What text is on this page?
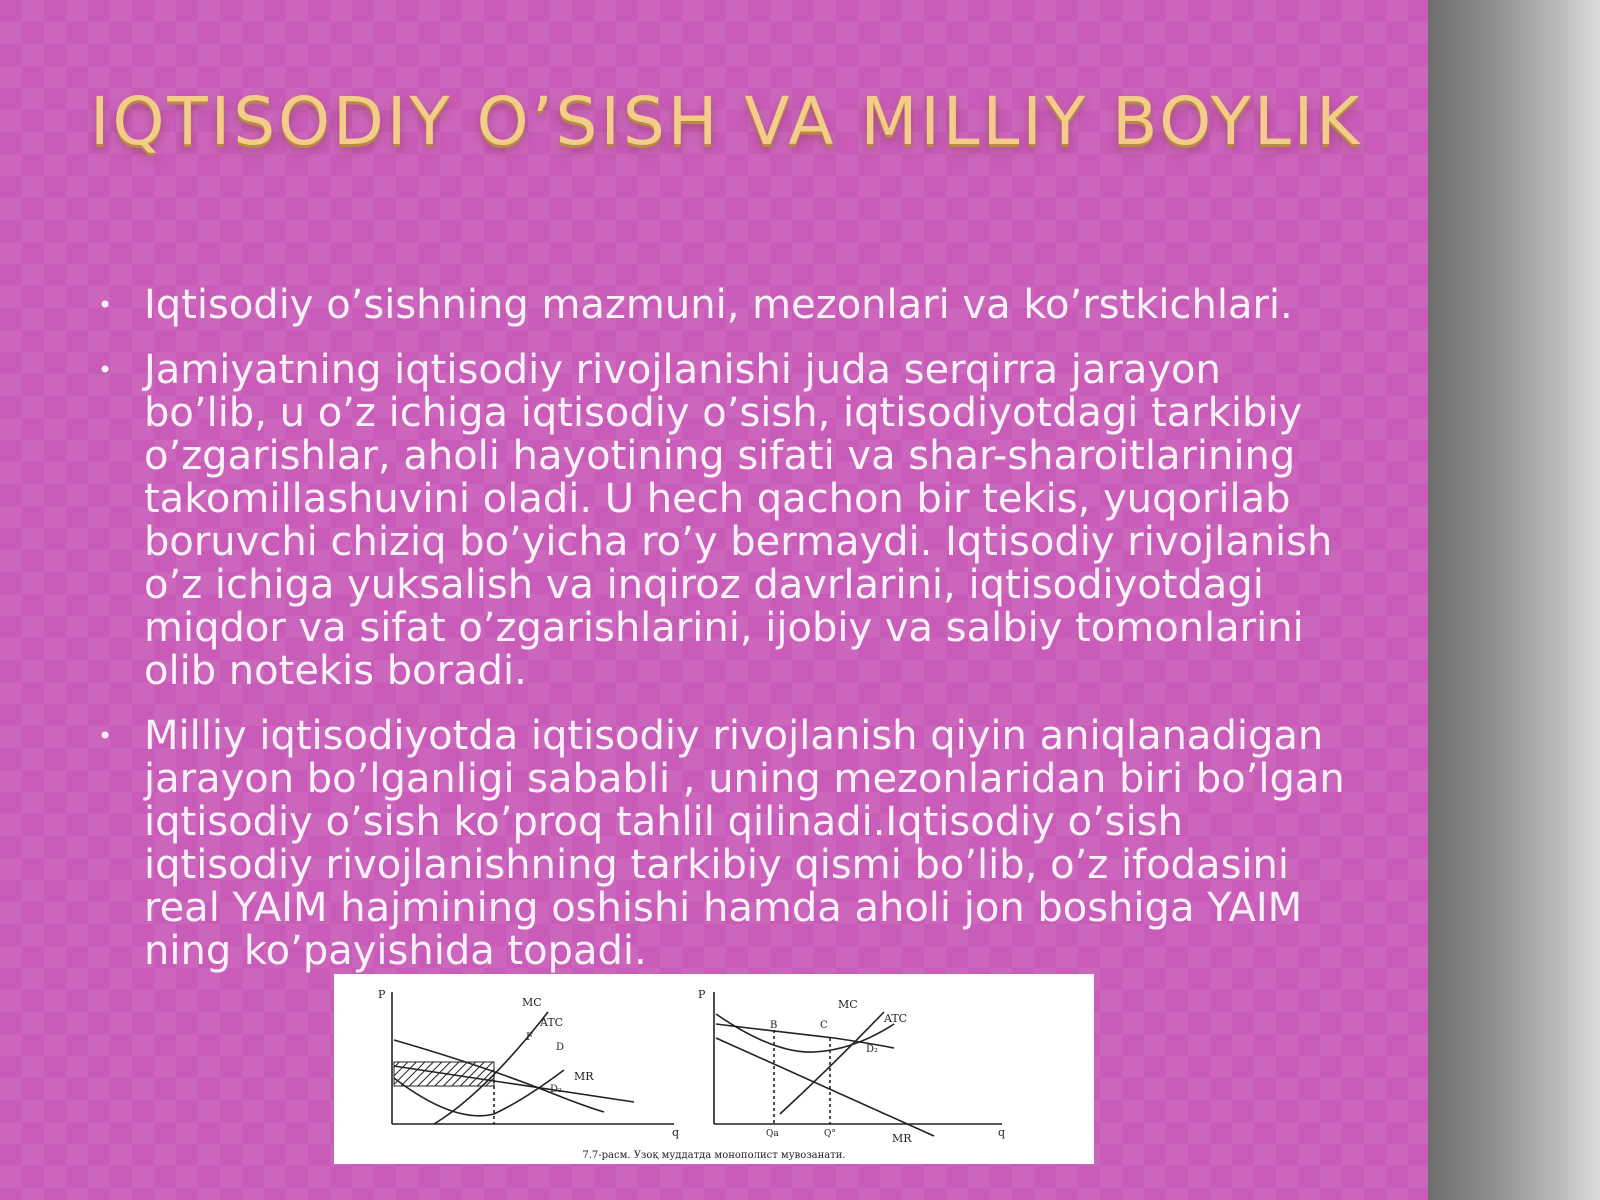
IQTISODIY O’SISH VA MILLIY BOYLIK
• Iqtisodiy o’sishning mazmuni, mezonlari va ko’rstkichlari.
• Jamiyatning iqtisodiy rivojlanishi juda serqirra jarayon bo’lib, u o’z ichiga iqtisodiy o’sish, iqtisodiyotdagi tarkibiy o’zgarishlar, aholi hayotining sifati va shar-sharoitlarining takomillashuvini oladi. U hech qachon bir tekis, yuqorilab boruvchi chiziq bo’yicha ro’y bermaydi. Iqtisodiy rivojlanish o’z ichiga yuksalish va inqiroz davrlarini, iqtisodiyotdagi miqdor va sifat o’zgarishlarini, ijobiy va salbiy tomonlarini olib notekis boradi.
• Milliy iqtisodiyotda iqtisodiy rivojlanish qiyin aniqlanadigan jarayon bo’lganligi sababli , uning mezonlaridan biri bo’lgan iqtisodiy o’sish ko’proq tahlil qilinadi.Iqtisodiy o’sish iqtisodiy rivojlanishning tarkibiy qismi bo’lib, o’z ifodasini real YAIM hajmining oshishi hamda aholi jon boshiga YAIM ning ko’payishida topadi.
P
q
MC
ATC
F
D
MR
D₂
P
q
MC
ATC
B	C
D₂
MR
Qa	Q°
7.7-расм. Узоқ муддатда монополист мувозанати.
